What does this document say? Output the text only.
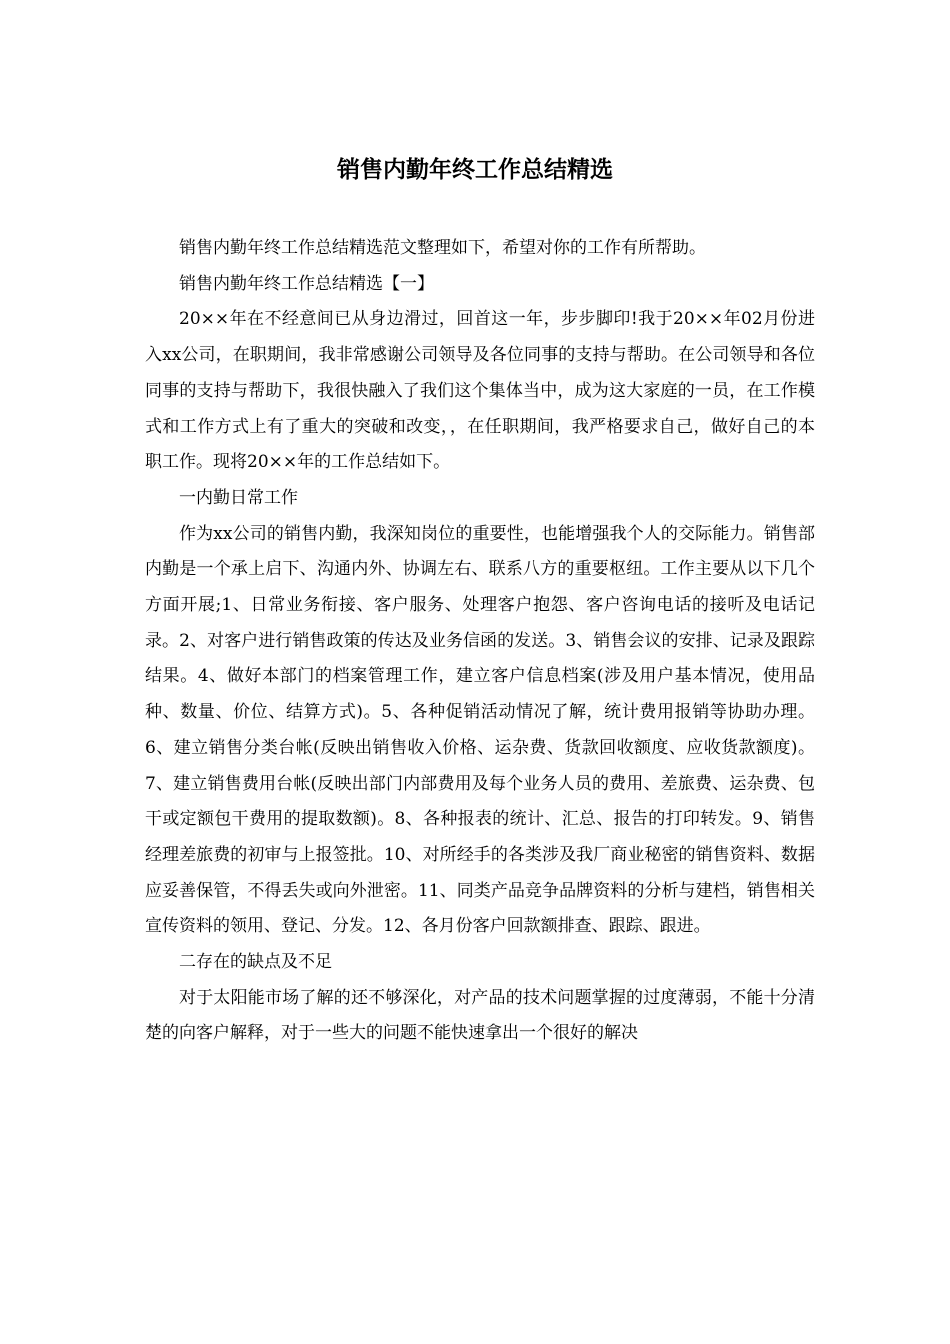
销售内勤年终工作总结精选

销售内勤年终工作总结精选范文整理如下，希望对你的工作有所帮助。

销售内勤年终工作总结精选【一】

20××年在不经意间已从身边滑过，回首这一年，步步脚印!我于20××年02月份进入xx公司，在职期间，我非常感谢公司领导及各位同事的支持与帮助。在公司领导和各位同事的支持与帮助下，我很快融入了我们这个集体当中，成为这大家庭的一员，在工作模式和工作方式上有了重大的突破和改变，，在任职期间，我严格要求自己，做好自己的本职工作。现将20××年的工作总结如下。

一内勤日常工作

作为xx公司的销售内勤，我深知岗位的重要性，也能增强我个人的交际能力。销售部内勤是一个承上启下、沟通内外、协调左右、联系八方的重要枢纽。工作主要从以下几个方面开展;1、日常业务衔接、客户服务、处理客户抱怨、客户咨询电话的接听及电话记录。2、对客户进行销售政策的传达及业务信函的发送。3、销售会议的安排、记录及跟踪结果。4、做好本部门的档案管理工作，建立客户信息档案(涉及用户基本情况，使用品种、数量、价位、结算方式)。5、各种促销活动情况了解，统计费用报销等协助办理。6、建立销售分类台帐(反映出销售收入价格、运杂费、货款回收额度、应收货款额度)。7、建立销售费用台帐(反映出部门内部费用及每个业务人员的费用、差旅费、运杂费、包干或定额包干费用的提取数额)。8、各种报表的统计、汇总、报告的打印转发。9、销售经理差旅费的初审与上报签批。10、对所经手的各类涉及我厂商业秘密的销售资料、数据应妥善保管，不得丢失或向外泄密。11、同类产品竞争品牌资料的分析与建档，销售相关宣传资料的领用、登记、分发。12、各月份客户回款额排查、跟踪、跟进。

二存在的缺点及不足

对于太阳能市场了解的还不够深化，对产品的技术问题掌握的过度薄弱，不能十分清楚的向客户解释，对于一些大的问题不能快速拿出一个很好的解决
